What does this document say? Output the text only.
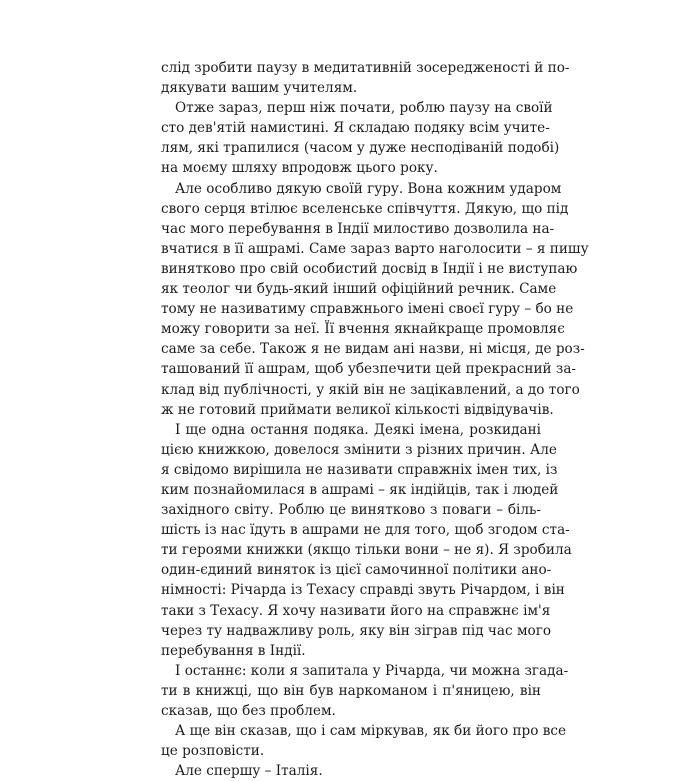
слід зробити паузу в медитативній зосередженості й по-
дякувати вашим учителям.
Отже зараз, перш ніж почати, роблю паузу на своїй
сто дев'ятій намистині. Я складаю подяку всім учите-
лям, які трапилися (часом у дуже несподіваній подобі)
на моєму шляху впродовж цього року.
Але особливо дякую своїй гуру. Вона кожним ударом
свого серця втілює вселенське співчуття. Дякую, що під
час мого перебування в Індії милостиво дозволила на-
вчатися в її ашрамі. Саме зараз варто наголосити – я пишу
винятково про свій особистий досвід в Індії і не виступаю
як теолог чи будь-який інший офіційний речник. Саме
тому не називатиму справжнього імені своєї гуру – бо не
можу говорити за неї. Її вчення якнайкраще промовляє
саме за себе. Також я не видам ані назви, ні місця, де роз-
ташований її ашрам, щоб убезпечити цей прекрасний за-
клад від публічності, у якій він не зацікавлений, а до того
ж не готовий приймати великої кількості відвідувачів.
І ще одна остання подяка. Деякі імена, розкидані
цією книжкою, довелося змінити з різних причин. Але
я свідомо вирішила не називати справжніх імен тих, із
ким познайомилася в ашрамі – як індійців, так і людей
західного світу. Роблю це винятково з поваги – біль-
шість із нас їдуть в ашрами не для того, щоб згодом ста-
ти героями книжки (якщо тільки вони – не я). Я зробила
один-єдиний виняток із цієї самочинної політики ано-
німності: Річарда із Техасу справді звуть Річардом, і він
таки з Техасу. Я хочу називати його на справжнє ім'я
через ту надважливу роль, яку він зіграв під час мого
перебування в Індії.
І останнє: коли я запитала у Річарда, чи можна згада-
ти в книжці, що він був наркоманом і п'яницею, він
сказав, що без проблем.
А ще він сказав, що і сам міркував, як би його про все
це розповісти.
Але спершу – Італія.
